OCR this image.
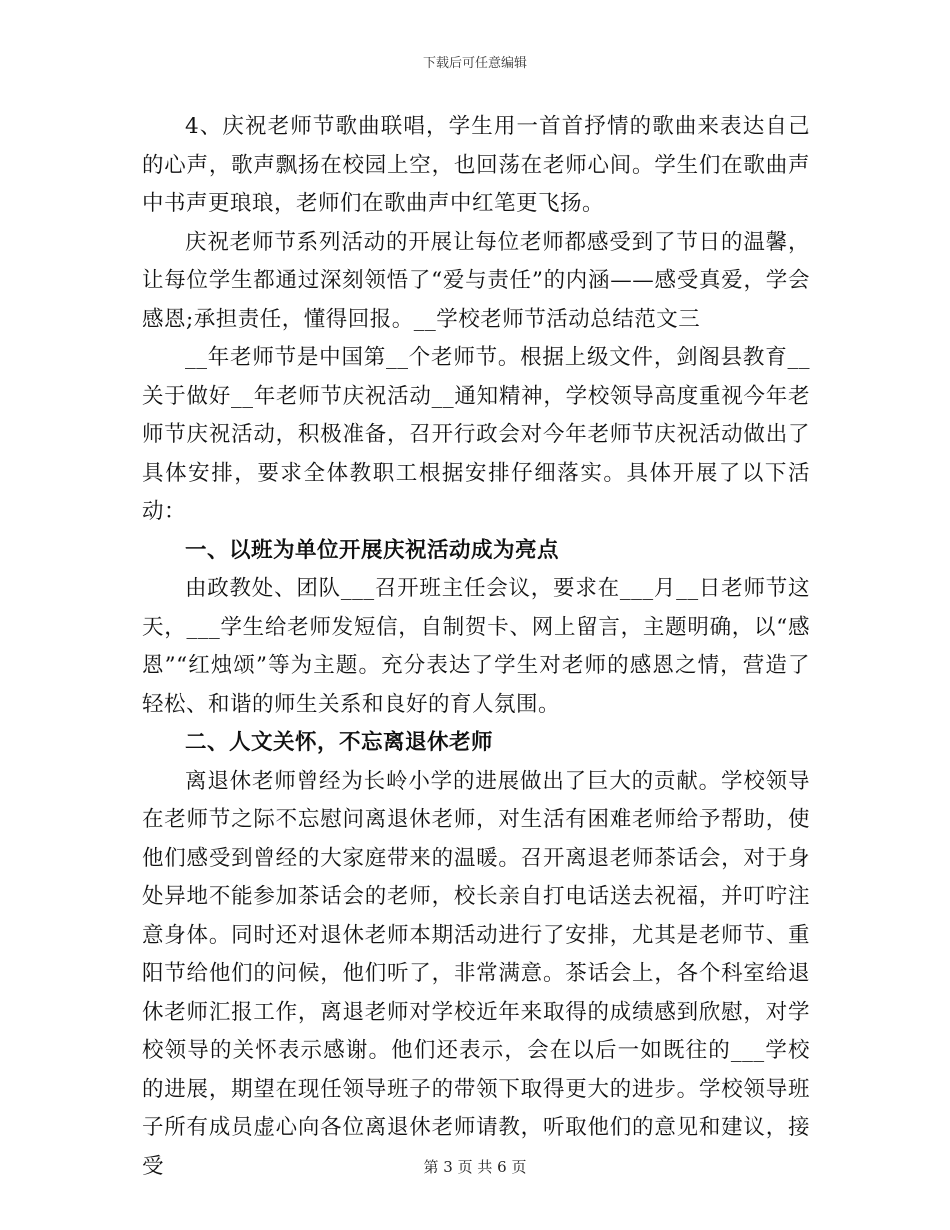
下载后可任意编辑

4、庆祝老师节歌曲联唱，学生用一首首抒情的歌曲来表达自己的心声，歌声飘扬在校园上空，也回荡在老师心间。学生们在歌曲声中书声更琅琅，老师们在歌曲声中红笔更飞扬。

庆祝老师节系列活动的开展让每位老师都感受到了节日的温馨，让每位学生都通过深刻领悟了“爱与责任”的内涵——感受真爱，学会感恩;承担责任，懂得回报。__学校老师节活动总结范文三

__年老师节是中国第__个老师节。根据上级文件，剑阁县教育__关于做好__年老师节庆祝活动__通知精神，学校领导高度重视今年老师节庆祝活动，积极准备，召开行政会对今年老师节庆祝活动做出了具体安排，要求全体教职工根据安排仔细落实。具体开展了以下活动：

一、以班为单位开展庆祝活动成为亮点

由政教处、团队___召开班主任会议，要求在___月__日老师节这天，___学生给老师发短信，自制贺卡、网上留言，主题明确，以“感恩”“红烛颂”等为主题。充分表达了学生对老师的感恩之情，营造了轻松、和谐的师生关系和良好的育人氛围。

二、人文关怀，不忘离退休老师

离退休老师曾经为长岭小学的进展做出了巨大的贡献。学校领导在老师节之际不忘慰问离退休老师，对生活有困难老师给予帮助，使他们感受到曾经的大家庭带来的温暖。召开离退老师茶话会，对于身处异地不能参加茶话会的老师，校长亲自打电话送去祝福，并叮咛注意身体。同时还对退休老师本期活动进行了安排，尤其是老师节、重阳节给他们的问候，他们听了，非常满意。茶话会上，各个科室给退休老师汇报工作，离退老师对学校近年来取得的成绩感到欣慰，对学校领导的关怀表示感谢。他们还表示，会在以后一如既往的___学校的进展，期望在现任领导班子的带领下取得更大的进步。学校领导班子所有成员虚心向各位离退休老师请教，听取他们的意见和建议，接受	第 3 页 共 6 页
